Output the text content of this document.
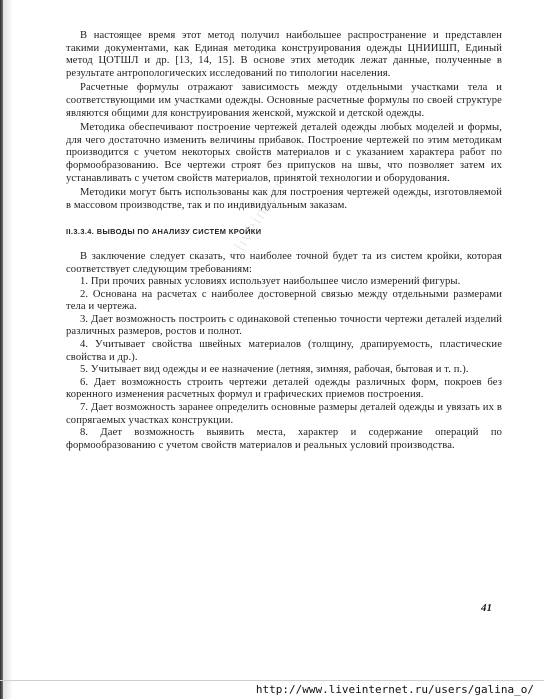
liveinternet.ru

В настоящее время этот метод получил наибольшее распространение и представлен такими документами, как Единая методика конструирования одежды ЦНИИШП, Единый метод ЦОТШЛ и др. [13, 14, 15]. В основе этих методик лежат данные, полученные в результате антропологических исследований по типологии населения.

Расчетные формулы отражают зависимость между отдельными участками тела и соответствующими им участками одежды. Основные расчетные формулы по своей структуре являются общими для конструирования женской, мужской и детской одежды.

Методика обеспечивают построение чертежей деталей одежды любых моделей и формы, для чего достаточно изменить величины прибавок. Построение чертежей по этим методикам производится с учетом некоторых свойств материалов и с указанием характера работ по формообразованию. Все чертежи строят без припусков на швы, что позволяет затем их устанавливать с учетом свойств материалов, принятой технологии и оборудования.

Методики могут быть использованы как для построения чертежей одежды, изготовляемой в массовом производстве, так и по индивидуальным заказам.

II.3.3.4. ВЫВОДЫ ПО АНАЛИЗУ СИСТЕМ КРОЙКИ

В заключение следует сказать, что наиболее точной будет та из систем кройки, которая соответствует следующим требованиям:

1. При прочих равных условиях использует наибольшее число измерений фигуры.
2. Основана на расчетах с наиболее достоверной связью между отдельными размерами тела и чертежа.
3. Дает возможность построить с одинаковой степенью точности чертежи деталей изделий различных размеров, ростов и полнот.
4. Учитывает свойства швейных материалов (толщину, драпируемость, пластические свойства и др.).
5. Учитывает вид одежды и ее назначение (летняя, зимняя, рабочая, бытовая и т. п.).
6. Дает возможность строить чертежи деталей одежды различных форм, покроев без коренного изменения расчетных формул и графических приемов построения.
7. Дает возможность заранее определить основные размеры деталей одежды и увязать их в сопрягаемых участках конструкции.
8. Дает возможность выявить места, характер и содержание операций по формообразованию с учетом свойств материалов и реальных условий производства.
41
http://www.liveinternet.ru/users/galina_o/
